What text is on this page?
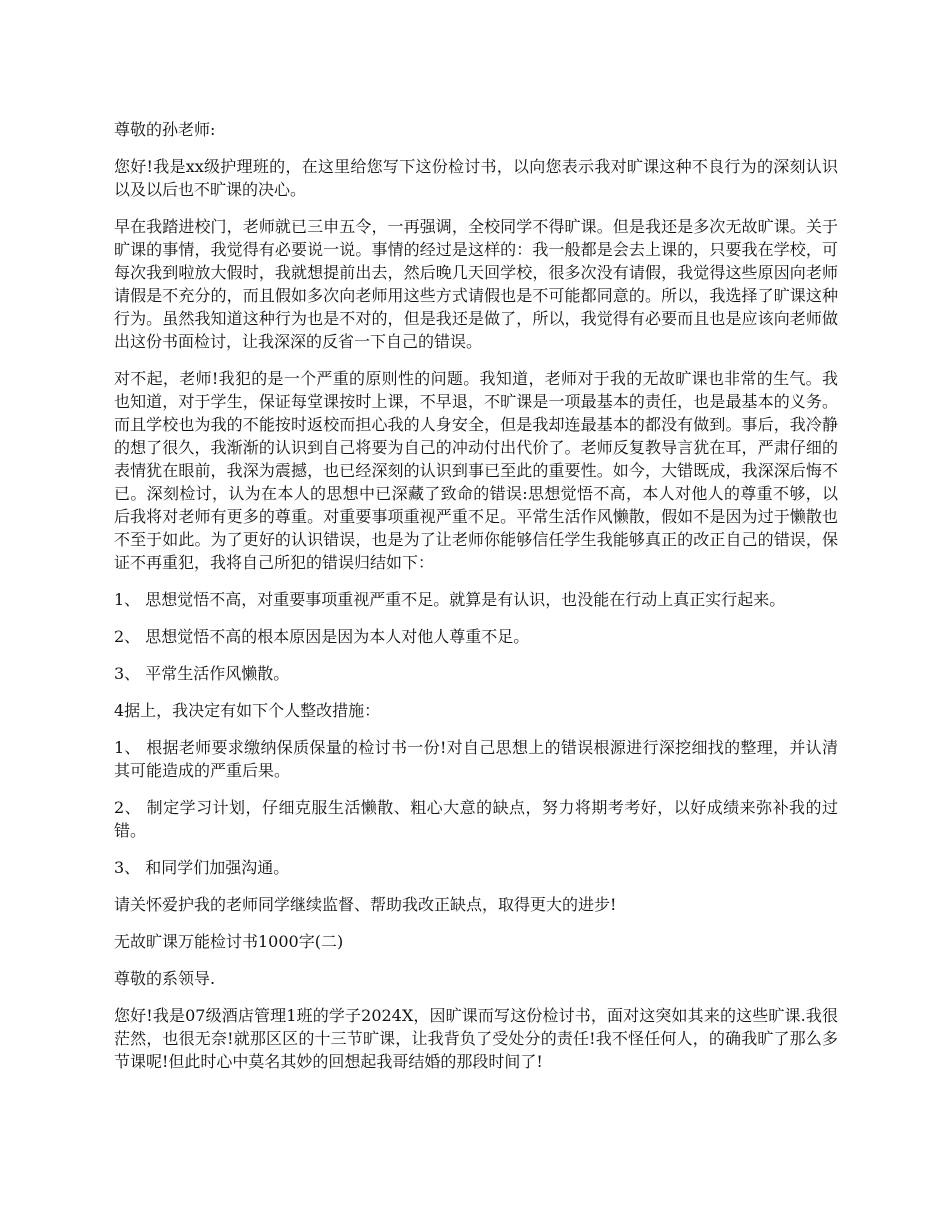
尊敬的孙老师:

您好!我是xx级护理班的，在这里给您写下这份检讨书，以向您表示我对旷课这种不良行为的深刻认识以及以后也不旷课的决心。

早在我踏进校门，老师就已三申五令，一再强调，全校同学不得旷课。但是我还是多次无故旷课。关于旷课的事情，我觉得有必要说一说。事情的经过是这样的：我一般都是会去上课的，只要我在学校，可每次我到啦放大假时，我就想提前出去，然后晚几天回学校，很多次没有请假，我觉得这些原因向老师请假是不充分的，而且假如多次向老师用这些方式请假也是不可能都同意的。所以，我选择了旷课这种行为。虽然我知道这种行为也是不对的，但是我还是做了，所以，我觉得有必要而且也是应该向老师做出这份书面检讨，让我深深的反省一下自己的错误。

对不起，老师!我犯的是一个严重的原则性的问题。我知道，老师对于我的无故旷课也非常的生气。我也知道，对于学生，保证每堂课按时上课，不早退，不旷课是一项最基本的责任，也是最基本的义务。而且学校也为我的不能按时返校而担心我的人身安全，但是我却连最基本的都没有做到。事后，我冷静的想了很久，我渐渐的认识到自己将要为自己的冲动付出代价了。老师反复教导言犹在耳，严肃仔细的表情犹在眼前，我深为震撼，也已经深刻的认识到事已至此的重要性。如今，大错既成，我深深后悔不已。深刻检讨，认为在本人的思想中已深藏了致命的错误:思想觉悟不高，本人对他人的尊重不够，以后我将对老师有更多的尊重。对重要事项重视严重不足。平常生活作风懒散，假如不是因为过于懒散也不至于如此。为了更好的认识错误，也是为了让老师你能够信任学生我能够真正的改正自己的错误，保证不再重犯，我将自己所犯的错误归结如下：

1、 思想觉悟不高，对重要事项重视严重不足。就算是有认识，也没能在行动上真正实行起来。

2、 思想觉悟不高的根本原因是因为本人对他人尊重不足。

3、 平常生活作风懒散。

4据上，我决定有如下个人整改措施：

1、 根据老师要求缴纳保质保量的检讨书一份!对自己思想上的错误根源进行深挖细找的整理，并认清其可能造成的严重后果。

2、 制定学习计划，仔细克服生活懒散、粗心大意的缺点，努力将期考考好，以好成绩来弥补我的过错。

3、 和同学们加强沟通。

请关怀爱护我的老师同学继续监督、帮助我改正缺点，取得更大的进步!

无故旷课万能检讨书1000字(二)

尊敬的系领导.

您好!我是07级酒店管理1班的学子2024X，因旷课而写这份检讨书，面对这突如其来的这些旷课.我很茫然，也很无奈!就那区区的十三节旷课，让我背负了受处分的责任!我不怪任何人，的确我旷了那么多节课呢!但此时心中莫名其妙的回想起我哥结婚的那段时间了!
